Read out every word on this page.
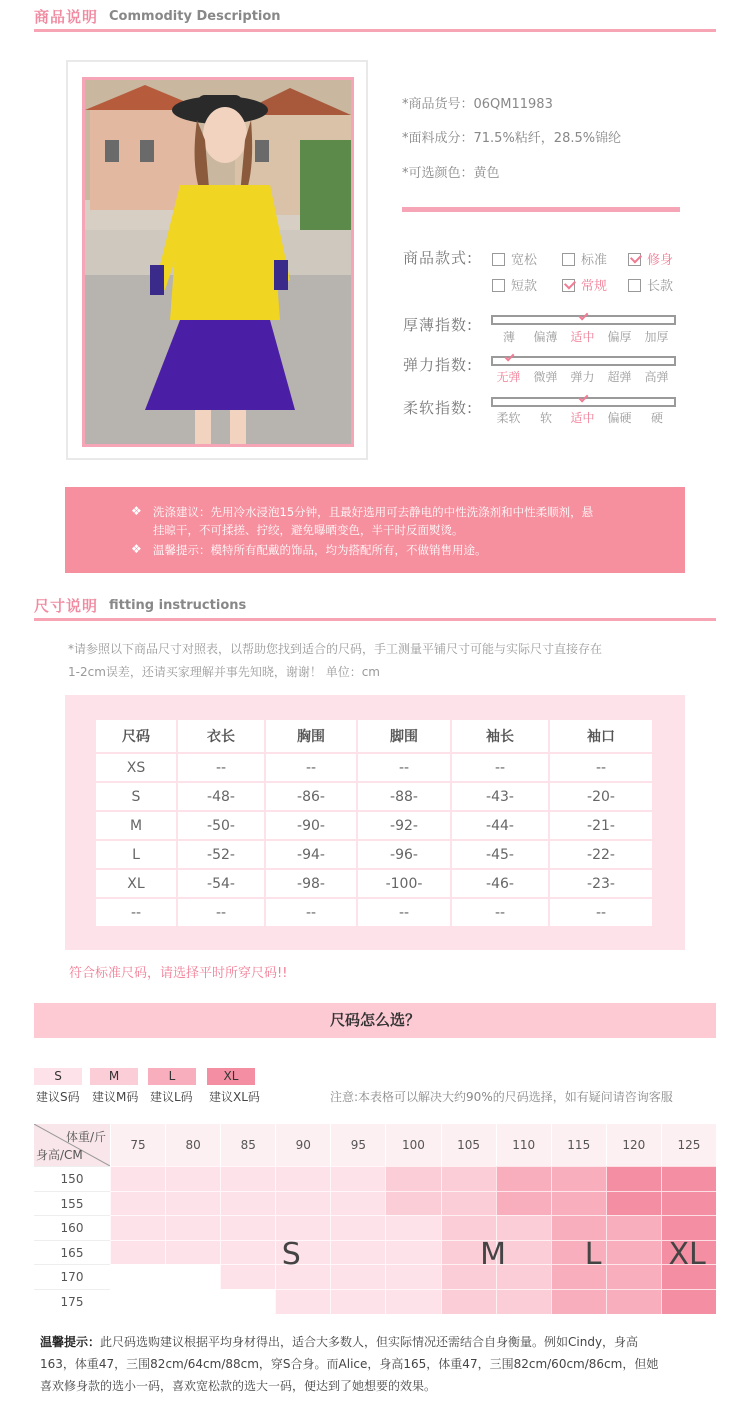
商品说明 Commodity Description
*商品货号：06QM11983
*面料成分：71.5%粘纤，28.5%锦纶
*可选颜色：黄色
商品款式:	宽松	标准	修身
短款	常规	长款
厚薄指数:
薄 偏薄 适中 偏厚 加厚
弹力指数:
无弹 微弹 弹力 超弹 高弹
柔软指数:
柔软 软 适中 偏硬 硬
❖ 洗涤建议：先用冷水浸泡15分钟，且最好选用可去静电的中性洗涤剂和中性柔顺剂，悬
挂晾干，不可揉搓、拧绞，避免曝晒变色，半干时反面熨烫。
❖ 温馨提示：模特所有配戴的饰品，均为搭配所有，不做销售用途。
尺寸说明 fitting instructions
*请参照以下商品尺寸对照表，以帮助您找到适合的尺码，手工测量平铺尺寸可能与实际尺寸直接存在
1-2cm误差，还请买家理解并事先知晓，谢谢！ 单位：cm
尺码	衣长	胸围	脚围	袖长	袖口
XS	--	--	--	--	--
S	-48-	-86-	-88-	-43-	-20-
M	-50-	-90-	-92-	-44-	-21-
L	-52-	-94-	-96-	-45-	-22-
XL	-54-	-98-	-100-	-46-	-23-
--	--	--	--	--	--
符合标准尺码，请选择平时所穿尺码!!
尺码怎么选？
S
建议S码
M
建议M码
L
建议L码
XL
建议XL码	注意:本表格可以解决大约90%的尺码选择，如有疑问请咨询客服
体重/斤
身高/CM
75	80	85	90	95	100	105	110	115	120	125
150
155
160
165
170
175
S	M	L XL
温馨提示：此尺码选购建议根据平均身材得出，适合大多数人，但实际情况还需结合自身衡量。例如Cindy，身高
163，体重47，三围82cm/64cm/88cm，穿S合身。而Alice，身高165，体重47，三围82cm/60cm/86cm，但她
喜欢修身款的选小一码，喜欢宽松款的选大一码，便达到了她想要的效果。
